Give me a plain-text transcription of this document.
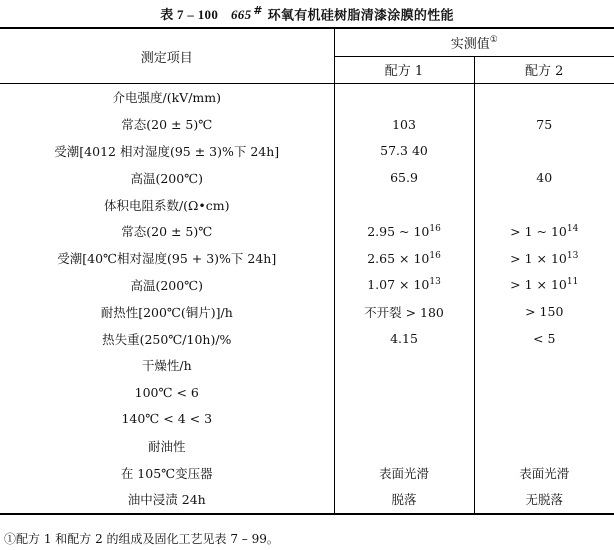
表 7 – 100 665 # 环氧有机硅树脂清漆涂膜的性能
测定项目	实测值①
	配方 1	配方 2
介电强度/(kV/mm)		
常态(20 ± 5)℃	103	75
受潮[4012 相对湿度(95 ± 3)%下 24h]	57.3 40	
高温(200℃)	65.9	40
体积电阻系数/(Ω•cm)		
常态(20 ± 5)℃	2.95 ~ $10^{16}$	> 1 ~ $10^{14}$
受潮[40℃相对湿度(95 + 3)%下 24h]	$2.65 \times 10^{16}$	> $1 \times 10^{13}$
高温(200℃)	$1.07 \times 10^{13}$	> $1 \times 10^{11}$
耐热性[200℃(铜片)]/h	不开裂 > 180	> 150
热失重(250℃/10h)/%	4.15	< 5
干燥性/h		
100℃ < 6		
140℃ < 4 < 3		
耐油性		
在 105℃变压器	表面光滑	表面光滑
油中浸渍 24h	脱落	无脱落
①配方 1 和配方 2 的组成及固化工艺见表 7 – 99。
